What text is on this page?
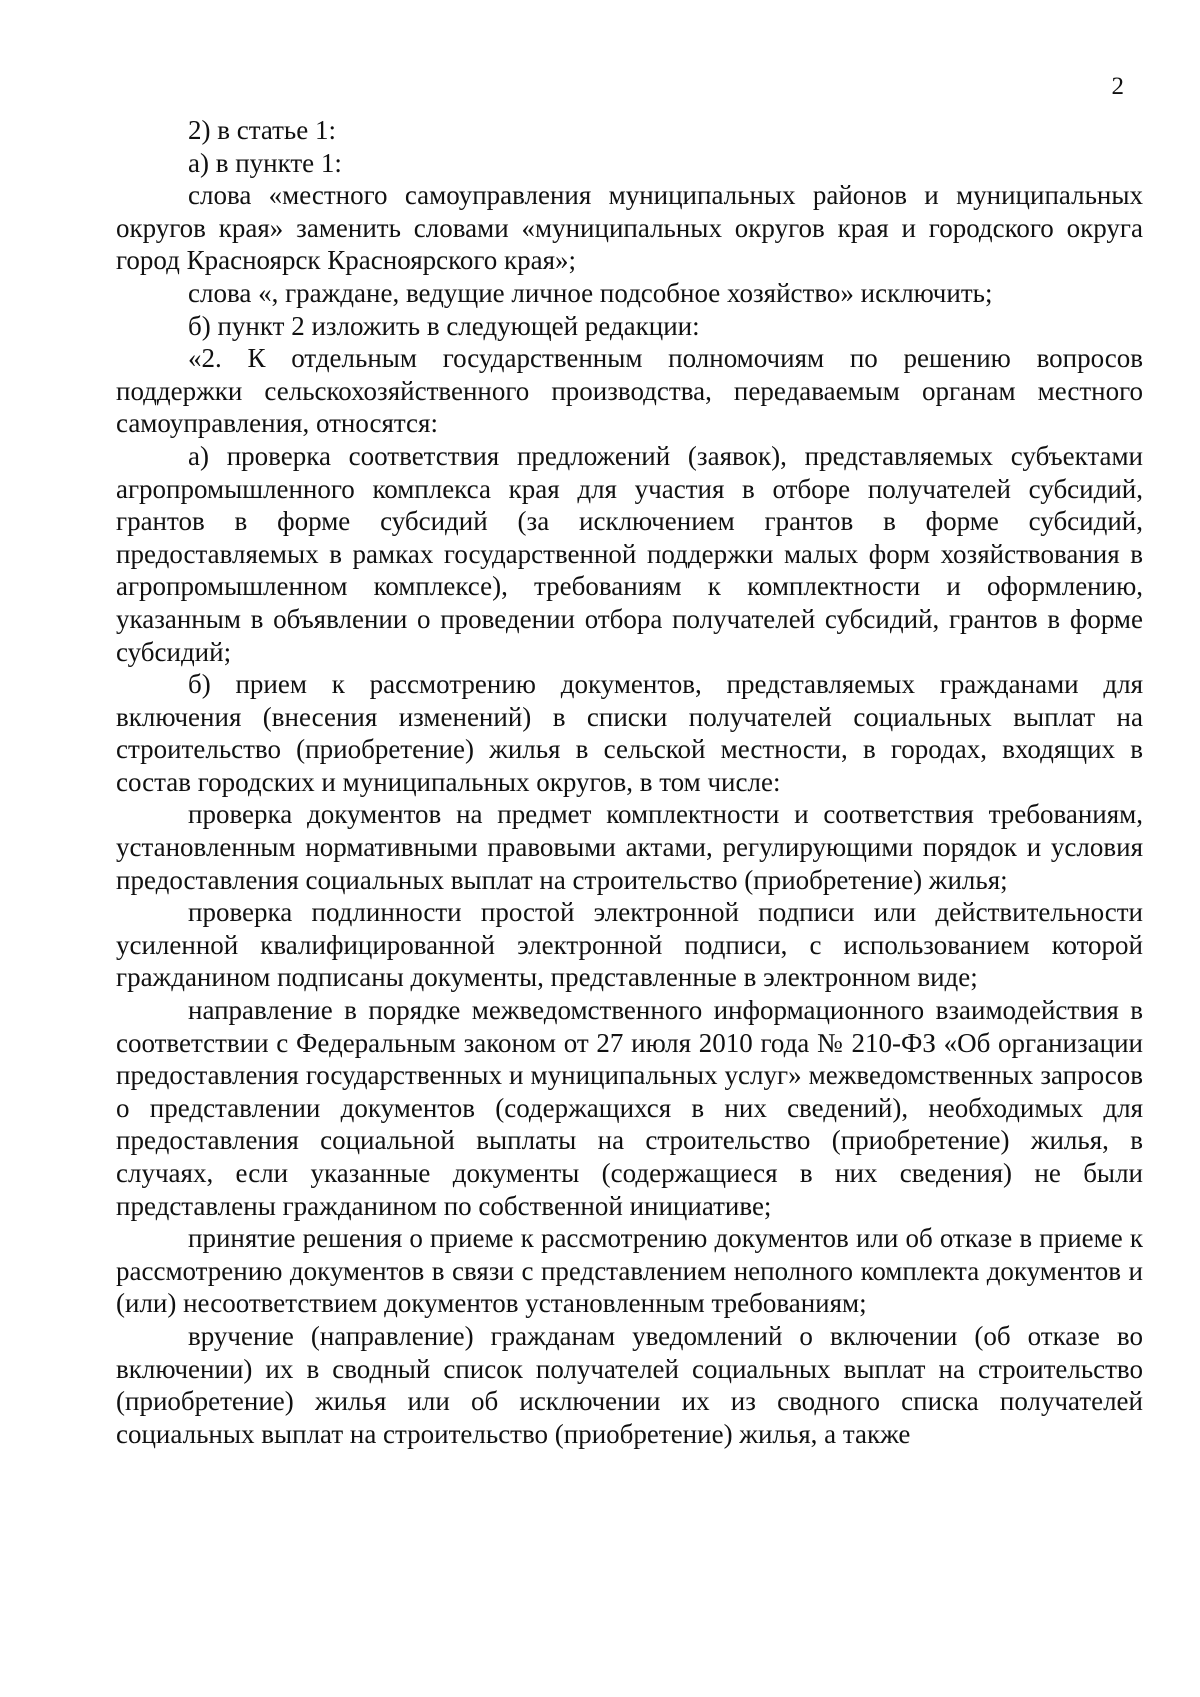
2

2) в статье 1:

а) в пункте 1:

слова «местного самоуправления муниципальных районов и муниципальных округов края» заменить словами «муниципальных округов края и городского округа город Красноярск Красноярского края»;

слова «, граждане, ведущие личное подсобное хозяйство» исключить;

б) пункт 2 изложить в следующей редакции:

«2. К отдельным государственным полномочиям по решению вопросов поддержки сельскохозяйственного производства, передаваемым органам местного самоуправления, относятся:

а) проверка соответствия предложений (заявок), представляемых субъектами агропромышленного комплекса края для участия в отборе получателей субсидий, грантов в форме субсидий (за исключением грантов в форме субсидий, предоставляемых в рамках государственной поддержки малых форм хозяйствования в агропромышленном комплексе), требованиям к комплектности и оформлению, указанным в объявлении о проведении отбора получателей субсидий, грантов в форме субсидий;

б) прием к рассмотрению документов, представляемых гражданами для включения (внесения изменений) в списки получателей социальных выплат на строительство (приобретение) жилья в сельской местности, в городах, входящих в состав городских и муниципальных округов, в том числе:

проверка документов на предмет комплектности и соответствия требованиям, установленным нормативными правовыми актами, регулирующими порядок и условия предоставления социальных выплат на строительство (приобретение) жилья;

проверка подлинности простой электронной подписи или действительности усиленной квалифицированной электронной подписи, с использованием которой гражданином подписаны документы, представленные в электронном виде;

направление в порядке межведомственного информационного взаимодействия в соответствии с Федеральным законом от 27 июля 2010 года № 210-ФЗ «Об организации предоставления государственных и муниципальных услуг» межведомственных запросов о представлении документов (содержащихся в них сведений), необходимых для предоставления социальной выплаты на строительство (приобретение) жилья, в случаях, если указанные документы (содержащиеся в них сведения) не были представлены гражданином по собственной инициативе;

принятие решения о приеме к рассмотрению документов или об отказе в приеме к рассмотрению документов в связи с представлением неполного комплекта документов и (или) несоответствием документов установленным требованиям;

вручение (направление) гражданам уведомлений о включении (об отказе во включении) их в сводный список получателей социальных выплат на строительство (приобретение) жилья или об исключении их из сводного списка получателей социальных выплат на строительство (приобретение) жилья, а также
